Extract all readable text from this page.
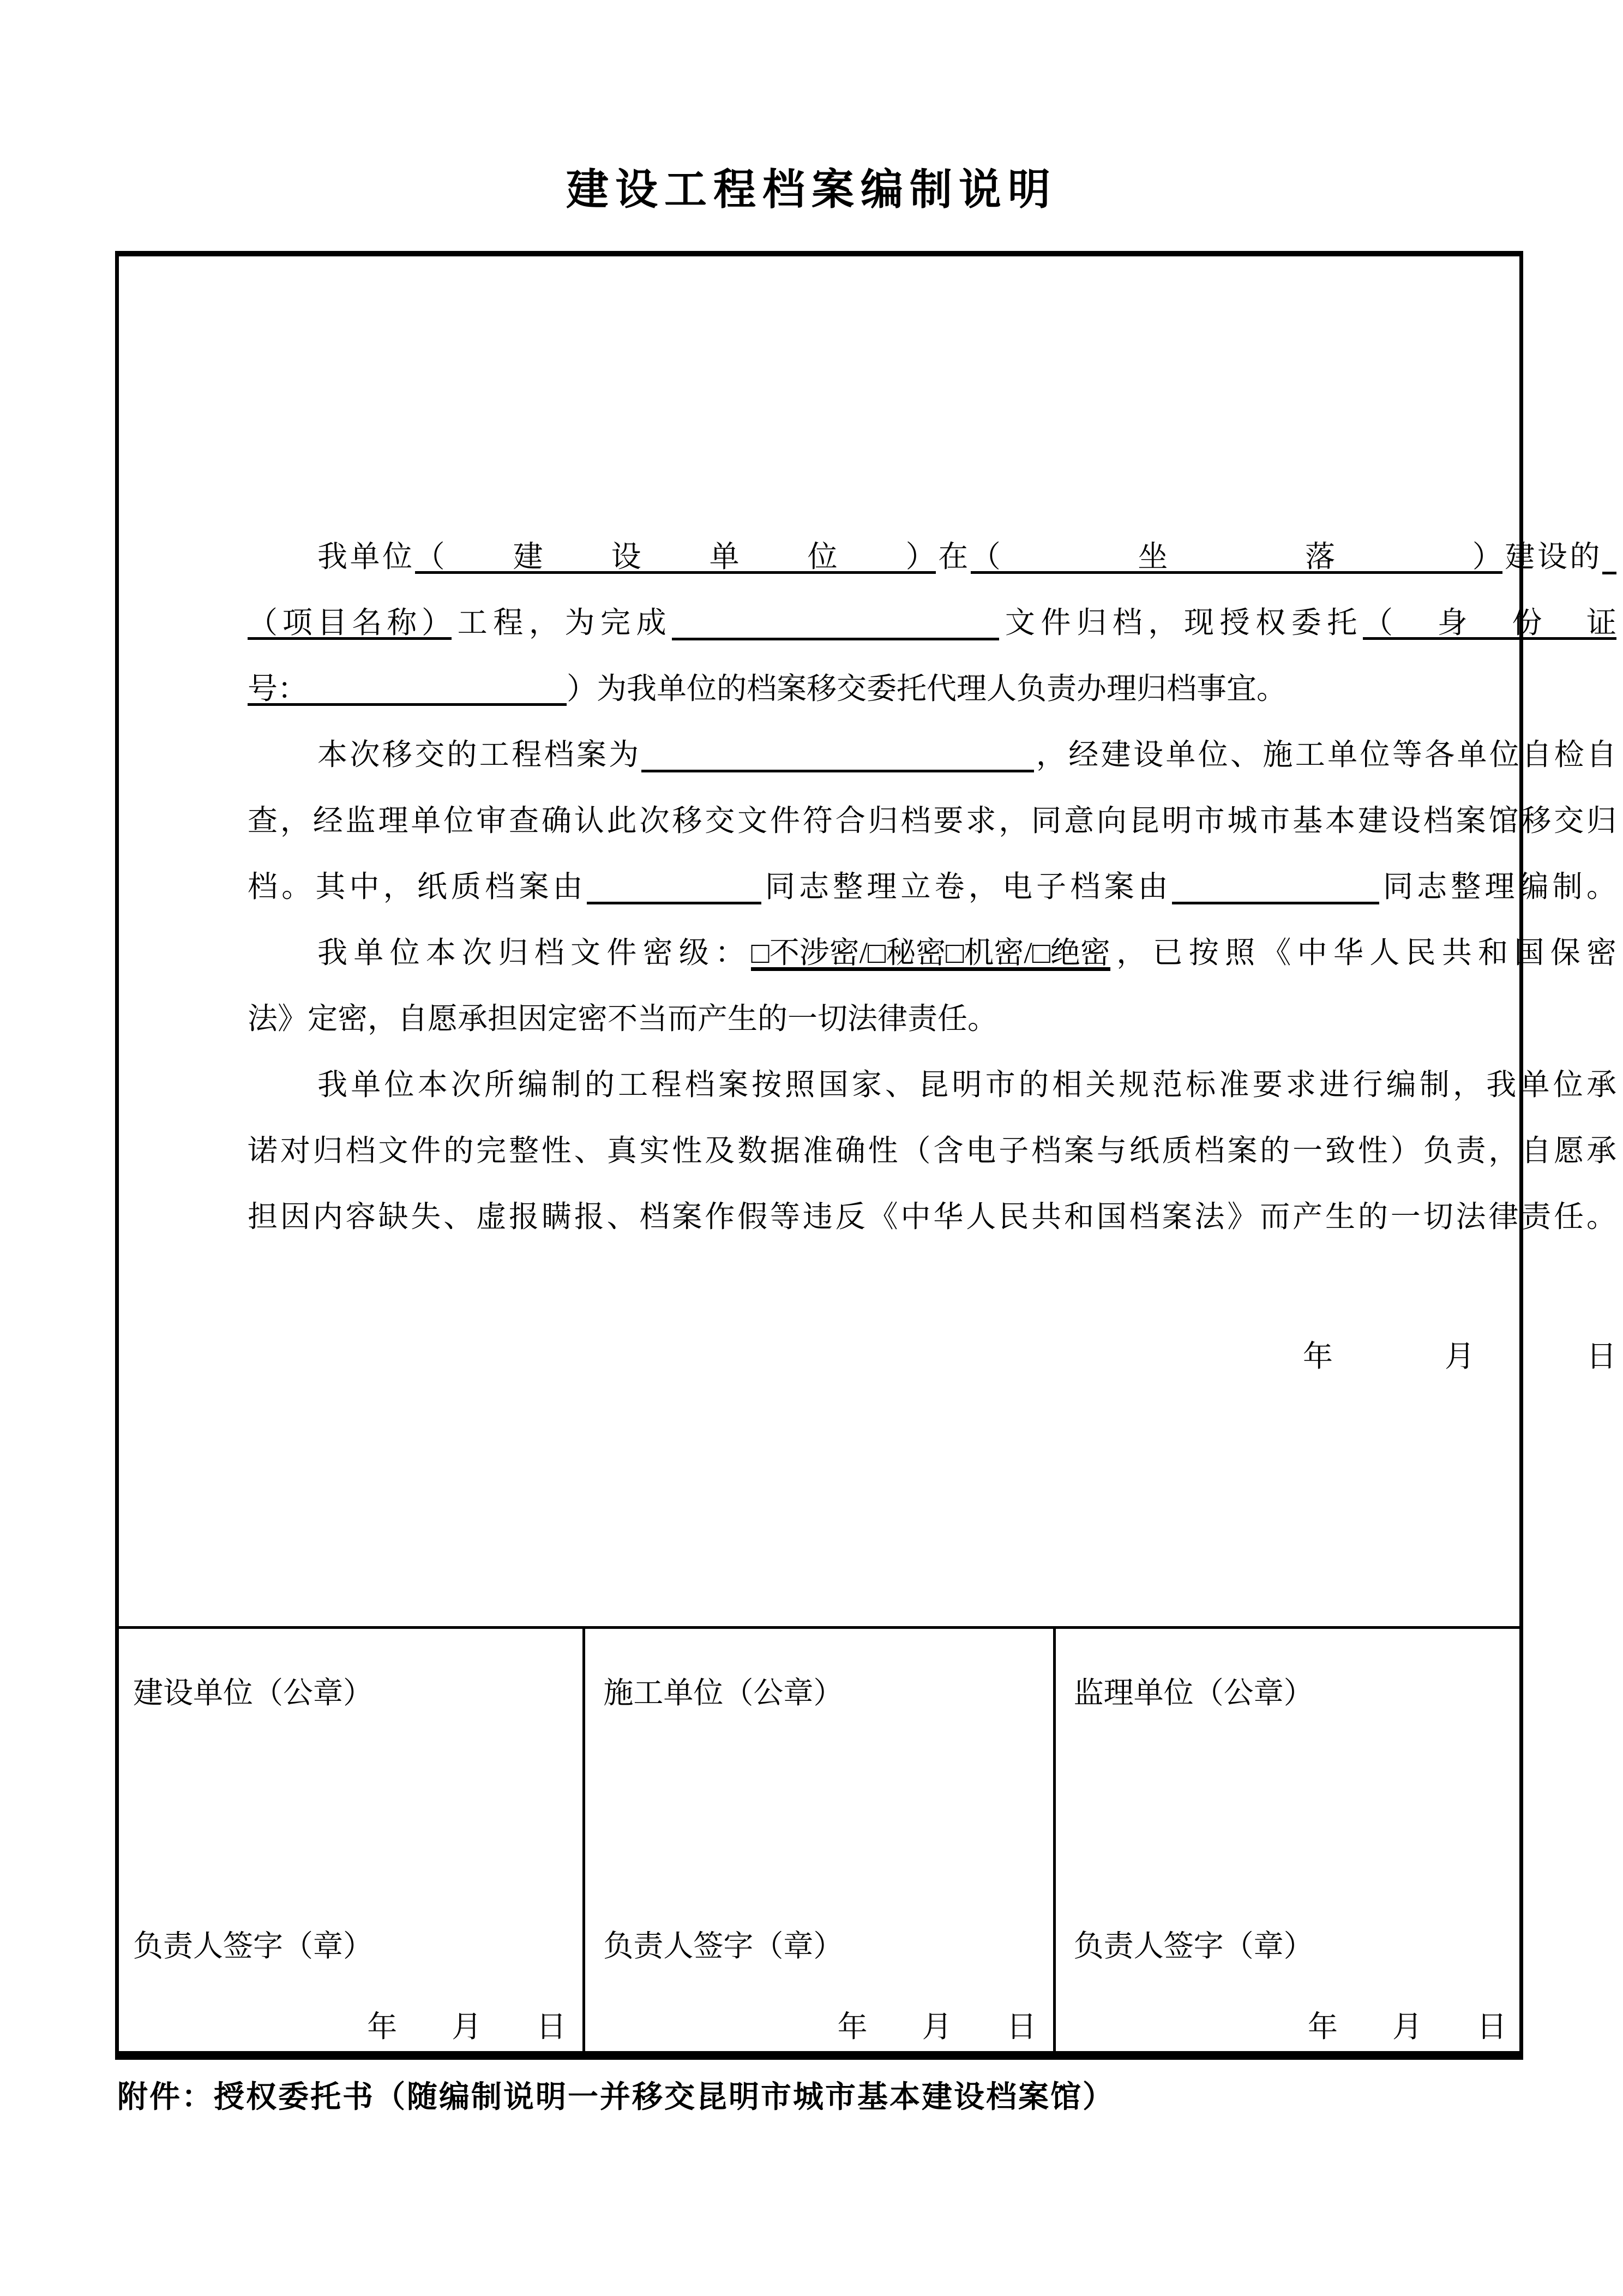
建设工程档案编制说明
我单位（建设单位）在（坐落）建设的
（项目名称）工程，为完成	文件归档，现授权委托（身份证
号：	）为我单位的档案移交委托代理人负责办理归档事宜。
本次移交的工程档案为	，经建设单位、施工单位等各单位自检自
查，经监理单位审查确认此次移交文件符合归档要求，同意向昆明市城市基本建设档案馆移交归
档。其中，纸质档案由	同志整理立卷，电子档案由	同志整理编制。
我单位本次归档文件密级：□不涉密/□秘密□机密/□绝密，已按照《中华人民共和国保密
法》定密，自愿承担因定密不当而产生的一切法律责任。
我单位本次所编制的工程档案按照国家、昆明市的相关规范标准要求进行编制，我单位承
诺对归档文件的完整性、真实性及数据准确性（含电子档案与纸质档案的一致性）负责，自愿承
担因内容缺失、虚报瞒报、档案作假等违反《中华人民共和国档案法》而产生的一切法律责任。
年	月	日
建设单位（公章）
负责人签字（章）
年 月 日
施工单位（公章）
负责人签字（章）
年 月 日
监理单位（公章）
负责人签字（章）
年 月 日
附件：授权委托书（随编制说明一并移交昆明市城市基本建设档案馆）
